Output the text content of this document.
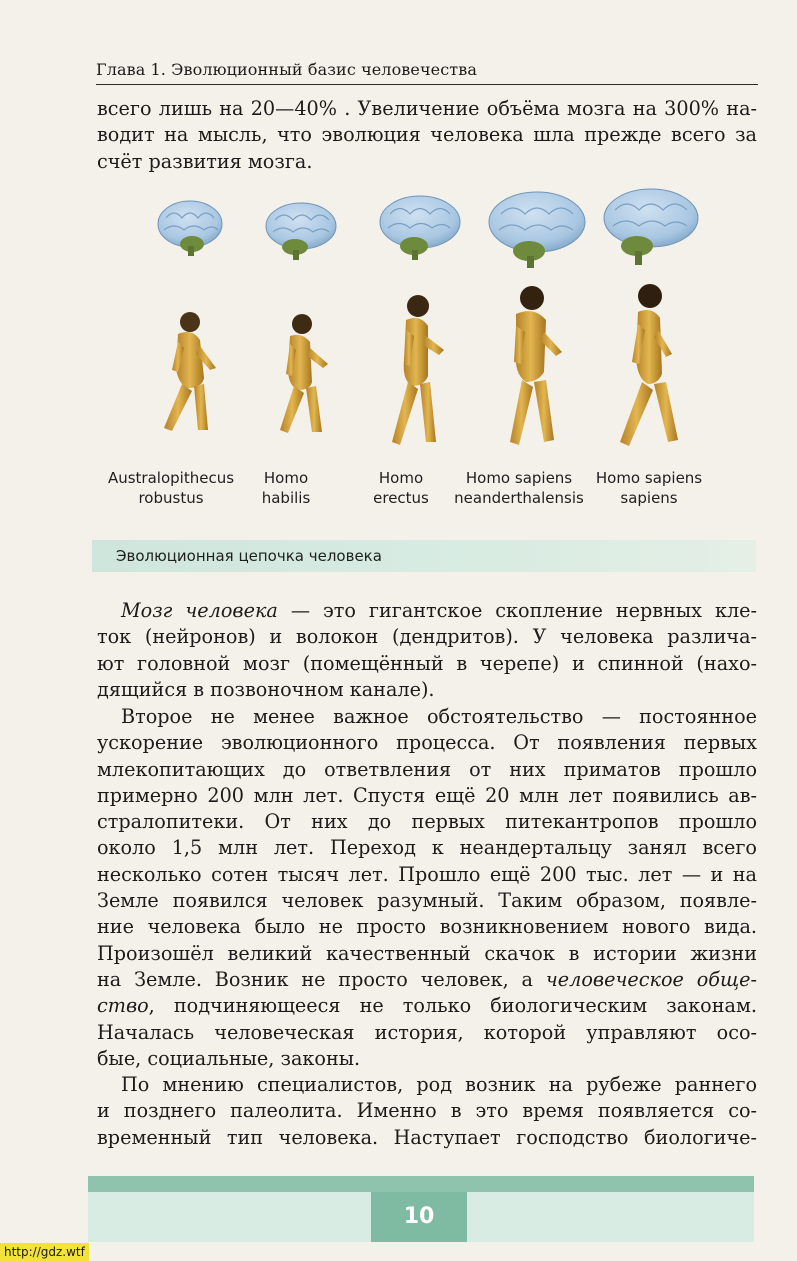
Глава 1. Эволюционный базис человечества
всего лишь на 20—40% . Увеличение объёма мозга на 300% на-
водит на мысль, что эволюция человека шла прежде всего за
счёт развития мозга.
Australopithecus
robustus
Homo
habilis
Homo
erectus
Homo sapiens
neanderthalensis
Homo sapiens
sapiens
Эволюционная цепочка человека
Мозг человека — это гигантское скопление нервных кле-
ток (нейронов) и волокон (дендритов). У человека различа-
ют головной мозг (помещённый в черепе) и спинной (нахо-
дящийся в позвоночном канале).
Второе не менее важное обстоятельство — постоянное
ускорение эволюционного процесса. От появления первых
млекопитающих до ответвления от них приматов прошло
примерно 200 млн лет. Спустя ещё 20 млн лет появились ав-
стралопитеки. От них до первых питекантропов прошло
около 1,5 млн лет. Переход к неандертальцу занял всего
несколько сотен тысяч лет. Прошло ещё 200 тыс. лет — и на
Земле появился человек разумный. Таким образом, появле-
ние человека было не просто возникновением нового вида.
Произошёл великий качественный скачок в истории жизни
на Земле. Возник не просто человек, а человеческое обще-
ство, подчиняющееся не только биологическим законам.
Началась человеческая история, которой управляют осо-
бые, социальные, законы.
По мнению специалистов, род возник на рубеже раннего
и позднего палеолита. Именно в это время появляется со-
временный тип человека. Наступает господство биологиче-
10
http://gdz.wtf
